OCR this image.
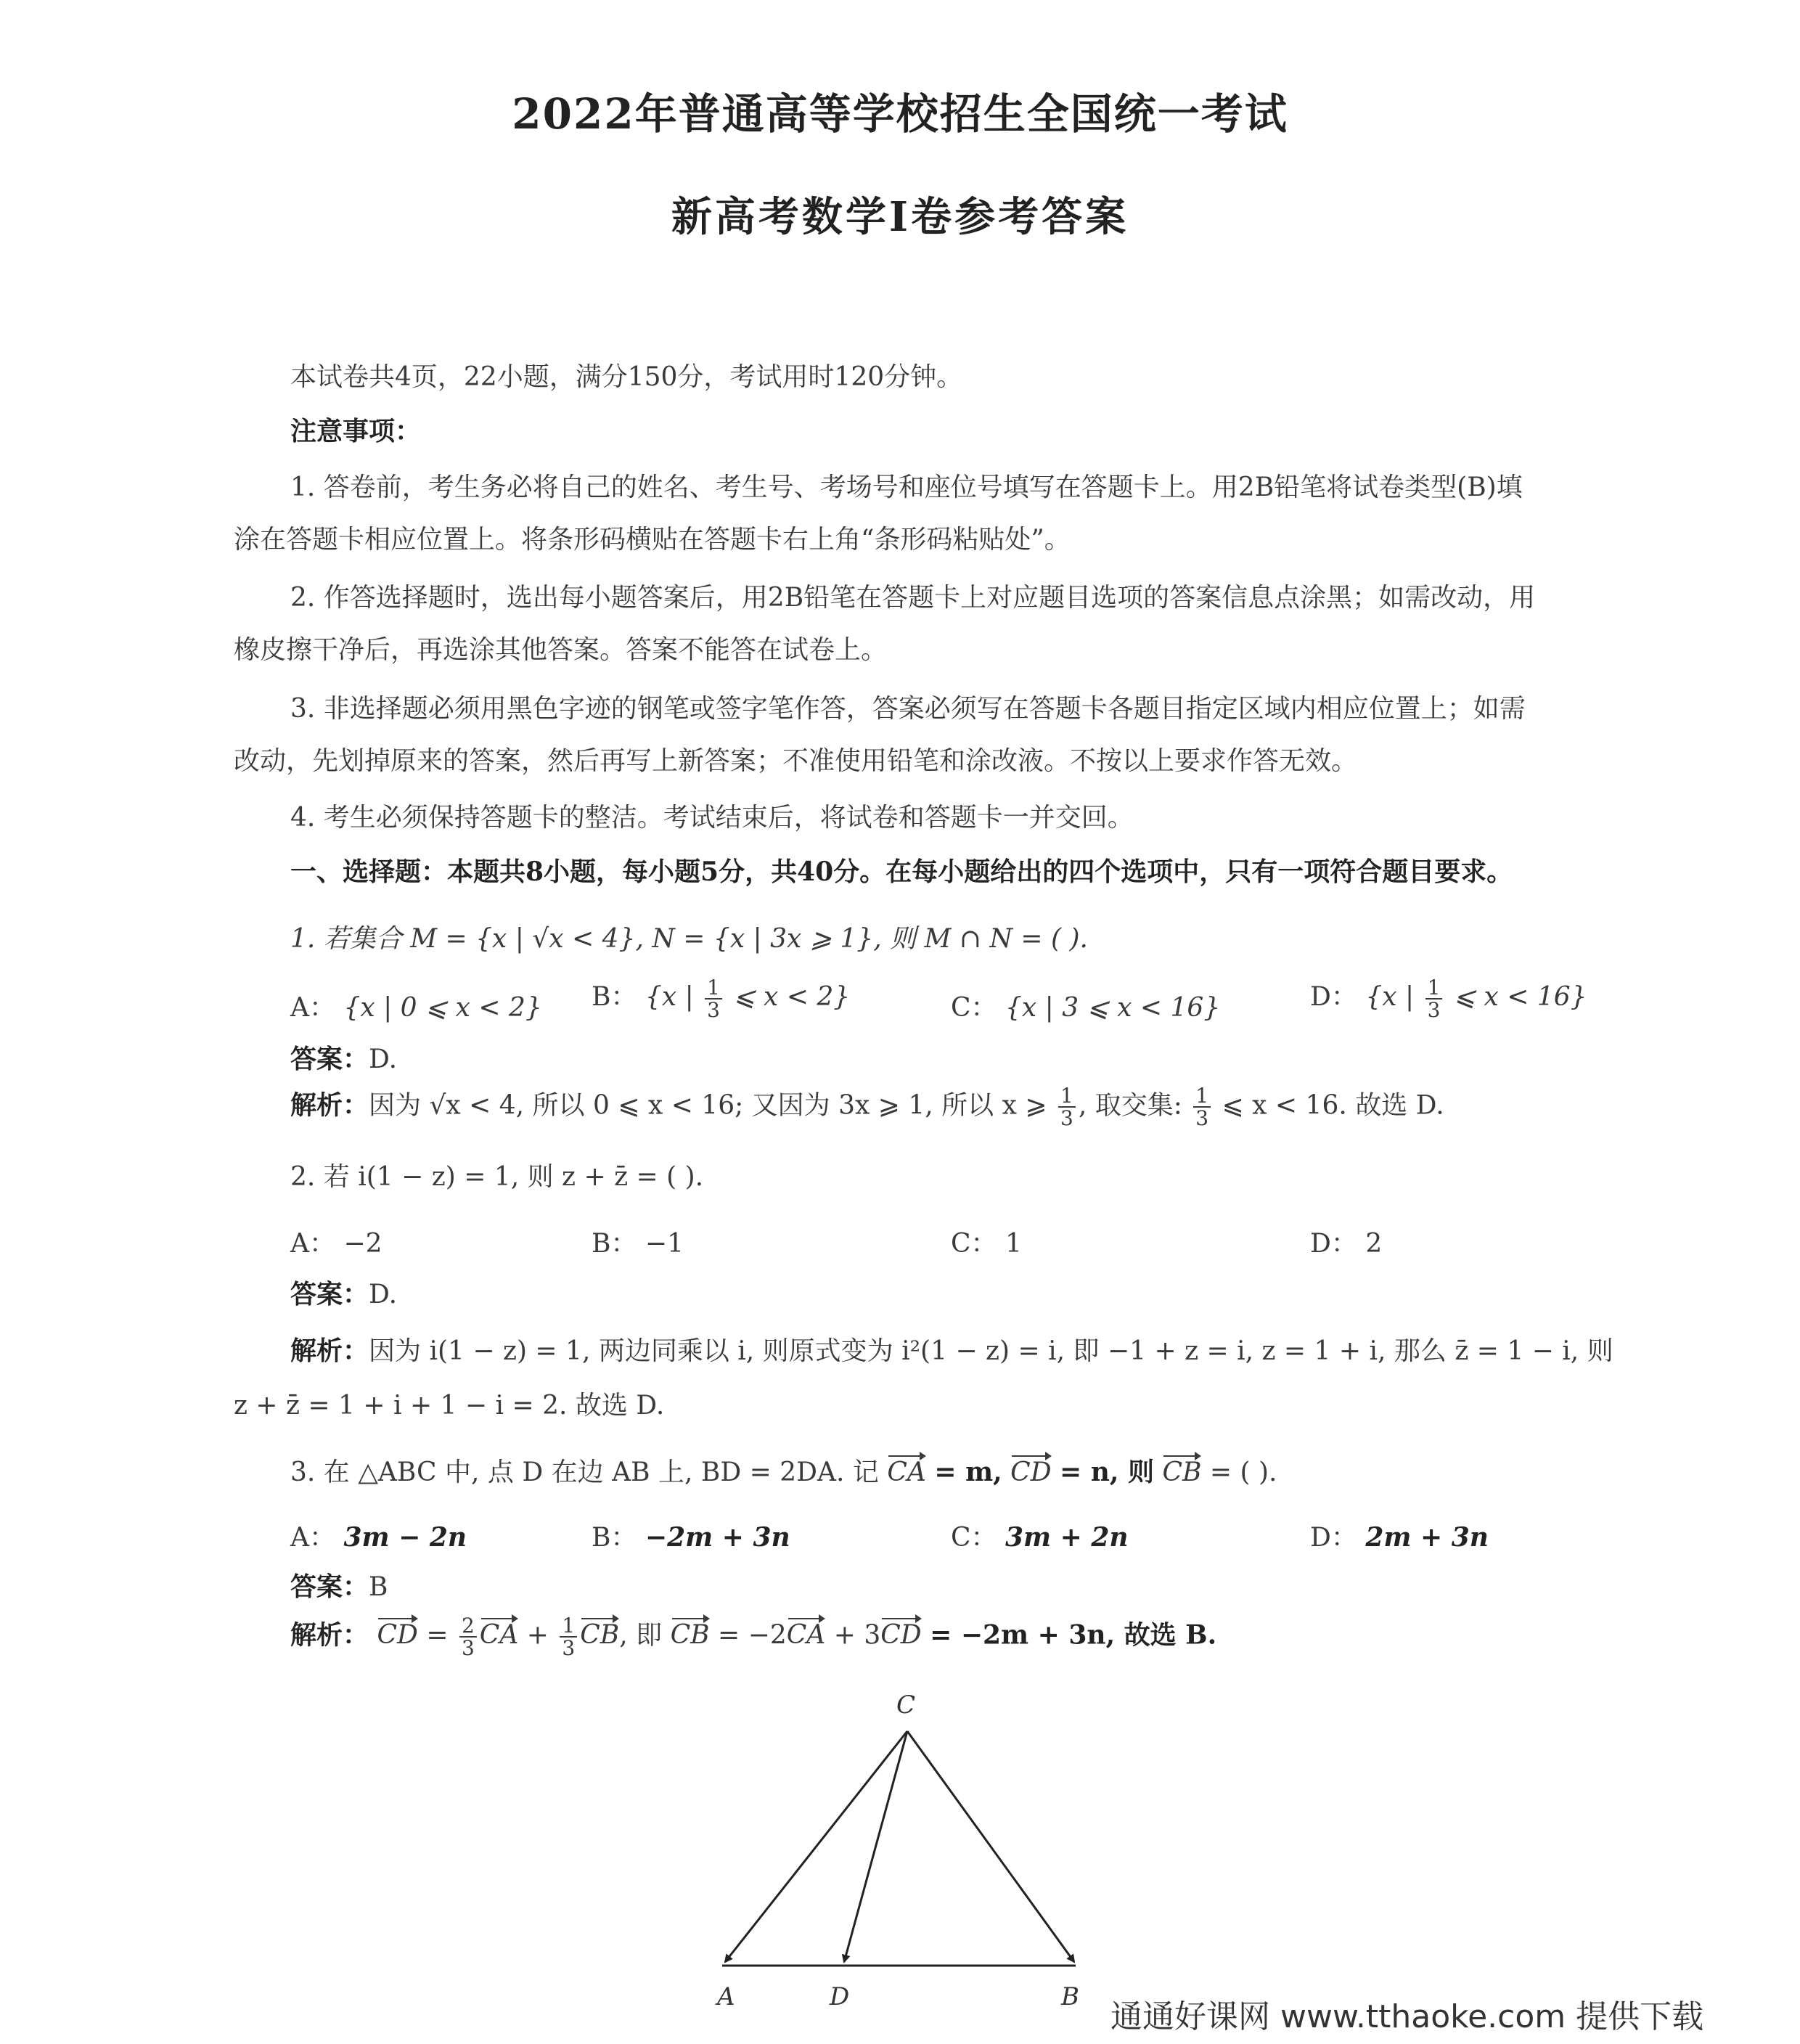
2022年普通高等学校招生全国统一考试
新高考数学I卷参考答案
本试卷共4页，22小题，满分150分，考试用时120分钟。
注意事项：
1. 答卷前，考生务必将自己的姓名、考生号、考场号和座位号填写在答题卡上。用2B铅笔将试卷类型(B)填
涂在答题卡相应位置上。将条形码横贴在答题卡右上角“条形码粘贴处”。
2. 作答选择题时，选出每小题答案后，用2B铅笔在答题卡上对应题目选项的答案信息点涂黑；如需改动，用
橡皮擦干净后，再选涂其他答案。答案不能答在试卷上。
3. 非选择题必须用黑色字迹的钢笔或签字笔作答，答案必须写在答题卡各题目指定区域内相应位置上；如需
改动，先划掉原来的答案，然后再写上新答案；不准使用铅笔和涂改液。不按以上要求作答无效。
4. 考生必须保持答题卡的整洁。考试结束后，将试卷和答题卡一并交回。
一、选择题：本题共8小题，每小题5分，共40分。在每小题给出的四个选项中，只有一项符合题目要求。
1. 若集合 M = {x | √x < 4}, N = {x | 3x ⩾ 1}, 则 M ∩ N = ( ).
A： {x | 0 ⩽ x < 2} B： {x | $\frac{1}{3}$ ⩽ x < 2}	C： {x | 3 ⩽ x < 16}	D： {x | $\frac{1}{3}$ ⩽ x < 16}
答案：D.
解析：因为 √x < 4, 所以 0 ⩽ x < 16; 又因为 3x ⩾ 1, 所以 x ⩾ $\frac{1}{3}$ , 取交集: $\frac{1}{3}$ ⩽ x < 16. 故选 D.
2. 若 i(1 − z) = 1, 则 z + z̄ = ( ).
A： −2	B： −1	C： 1	D： 2
答案：D.
解析：因为 i(1 − z) = 1, 两边同乘以 i, 则原式变为 i²(1 − z) = i, 即 −1 + z = i, z = 1 + i, 那么 z̄ = 1 − i, 则
z + z̄ = 1 + i + 1 − i = 2. 故选 D.
3. 在 △ABC 中, 点 D 在边 AB 上, BD = 2DA. 记 CA = m, CD = n, 则 CB = ( ).
A： 3m − 2n	B： −2m + 3n	C： 3m + 2n	D： 2m + 3n
答案：B
解析： CD = $\frac{2}{3}$ CA + $\frac{1}{3}$ CB, 即 CB = −2CA + 3CD = −2m + 3n, 故选 B.
C
A	D	B
通通好课网 www.tthaoke.com 提供下载
